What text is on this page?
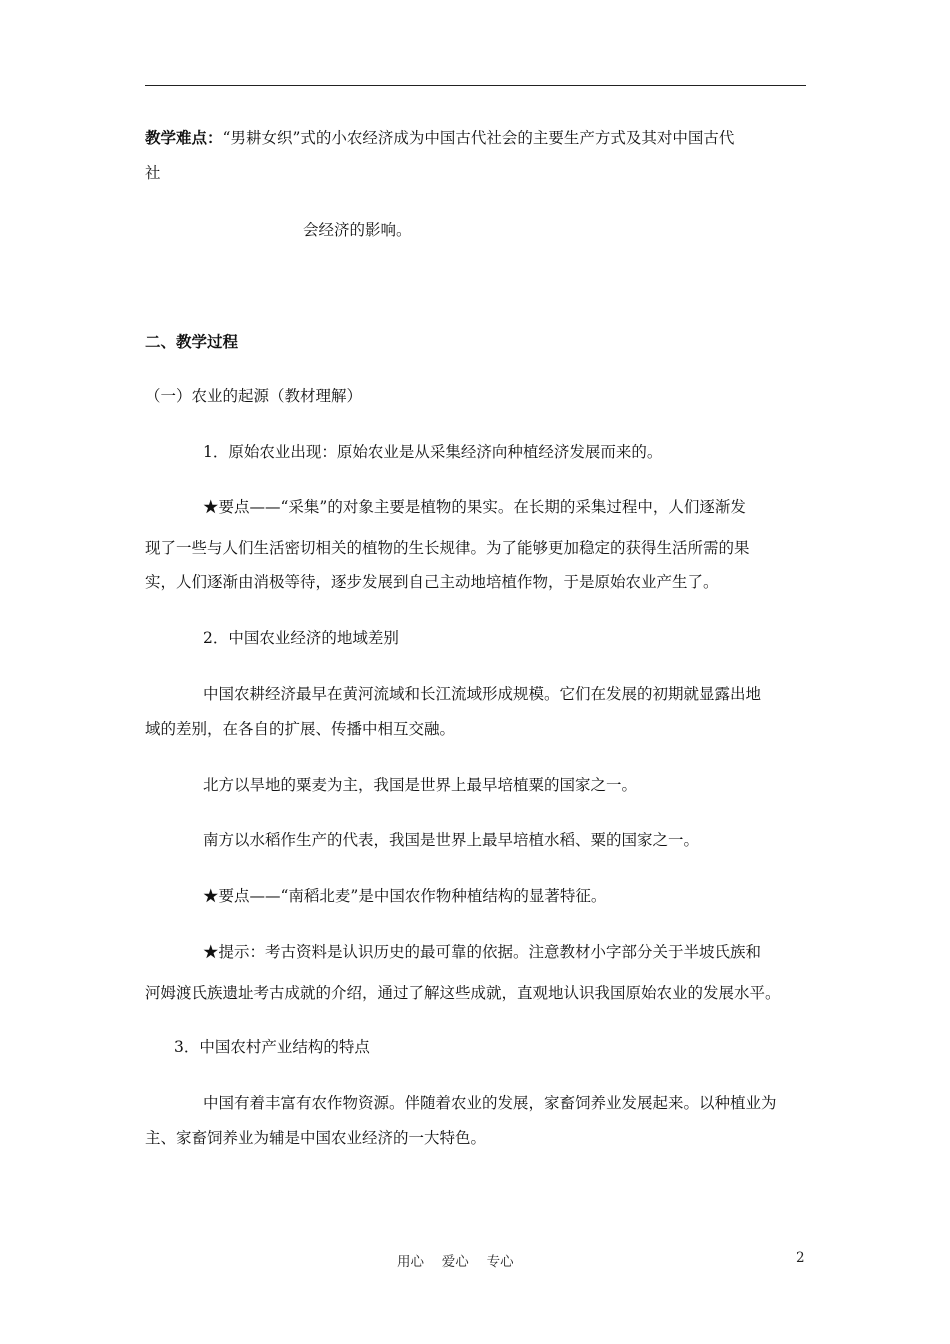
教学难点：“男耕女织”式的小农经济成为中国古代社会的主要生产方式及其对中国古代
社
会经济的影响。
二、教学过程
（一）农业的起源（教材理解）
1．原始农业出现：原始农业是从采集经济向种植经济发展而来的。
★要点——“采集”的对象主要是植物的果实。在长期的采集过程中，人们逐渐发
现了一些与人们生活密切相关的植物的生长规律。为了能够更加稳定的获得生活所需的果
实，人们逐渐由消极等待，逐步发展到自己主动地培植作物，于是原始农业产生了。
2．中国农业经济的地域差别
中国农耕经济最早在黄河流域和长江流域形成规模。它们在发展的初期就显露出地
域的差别，在各自的扩展、传播中相互交融。
北方以旱地的粟麦为主，我国是世界上最早培植粟的国家之一。
南方以水稻作生产的代表，我国是世界上最早培植水稻、粟的国家之一。
★要点——“南稻北麦”是中国农作物种植结构的显著特征。
★提示：考古资料是认识历史的最可靠的依据。注意教材小字部分关于半坡氏族和
河姆渡氏族遗址考古成就的介绍，通过了解这些成就，直观地认识我国原始农业的发展水平。
3．中国农村产业结构的特点
中国有着丰富有农作物资源。伴随着农业的发展，家畜饲养业发展起来。以种植业为
主、家畜饲养业为辅是中国农业经济的一大特色。
用心　 爱心　 专心	2
